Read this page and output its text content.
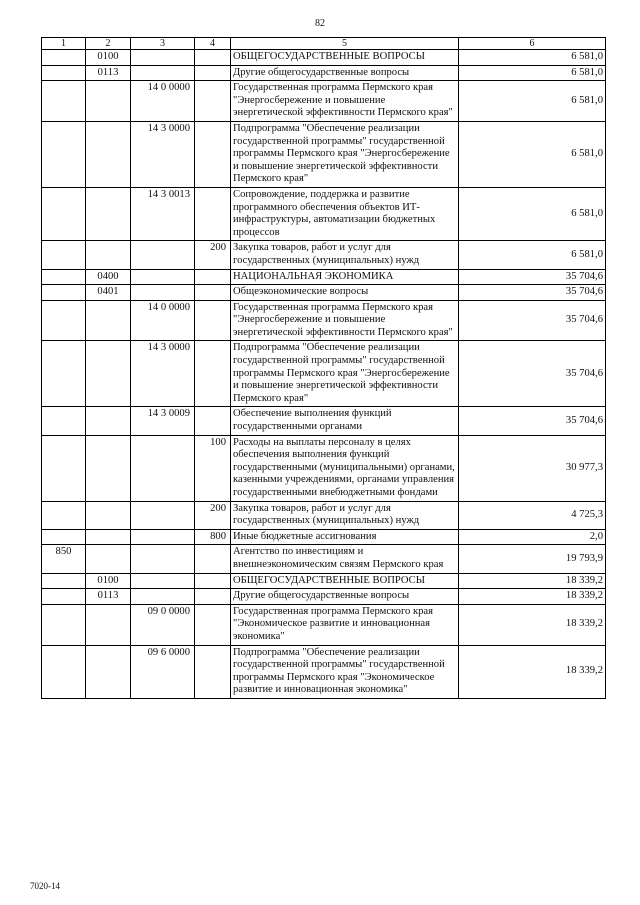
82
1	2	3	4	5	6
	0100			ОБЩЕГОСУДАРСТВЕННЫЕ ВОПРОСЫ	6 581,0
	0113			Другие общегосударственные вопросы	6 581,0
		14 0 0000		Государственная программа Пермского края "Энергосбережение и повышение энергетической эффективности Пермского края"	6 581,0
		14 3 0000		Подпрограмма "Обеспечение реализации государственной программы" государственной программы Пермского края "Энергосбережение и повышение энергетической эффективности Пермского края"	6 581,0
		14 3 0013		Сопровождение, поддержка и развитие программного обеспечения объектов ИТ-инфраструктуры, автоматизации бюджетных процессов	6 581,0
			200	Закупка товаров, работ и услуг для государственных (муниципальных) нужд	6 581,0
	0400			НАЦИОНАЛЬНАЯ ЭКОНОМИКА	35 704,6
	0401			Общеэкономические вопросы	35 704,6
		14 0 0000		Государственная программа Пермского края "Энергосбережение и повышение энергетической эффективности Пермского края"	35 704,6
		14 3 0000		Подпрограмма "Обеспечение реализации государственной программы" государственной программы Пермского края "Энергосбережение и повышение энергетической эффективности Пермского края"	35 704,6
		14 3 0009		Обеспечение выполнения функций государственными органами	35 704,6
			100	Расходы на выплаты персоналу в целях обеспечения выполнения функций государственными (муниципальными) органами, казенными учреждениями, органами управления государственными внебюджетными фондами	30 977,3
			200	Закупка товаров, работ и услуг для государственных (муниципальных) нужд	4 725,3
			800	Иные бюджетные ассигнования	2,0
850				Агентство по инвестициям и внешнеэкономическим связям Пермского края	19 793,9
	0100			ОБЩЕГОСУДАРСТВЕННЫЕ ВОПРОСЫ	18 339,2
	0113			Другие общегосударственные вопросы	18 339,2
		09 0 0000		Государственная программа Пермского края "Экономическое развитие и инновационная экономика"	18 339,2
		09 6 0000		Подпрограмма "Обеспечение реализации государственной программы" государственной программы Пермского края "Экономическое развитие и инновационная экономика"	18 339,2
7020-14
